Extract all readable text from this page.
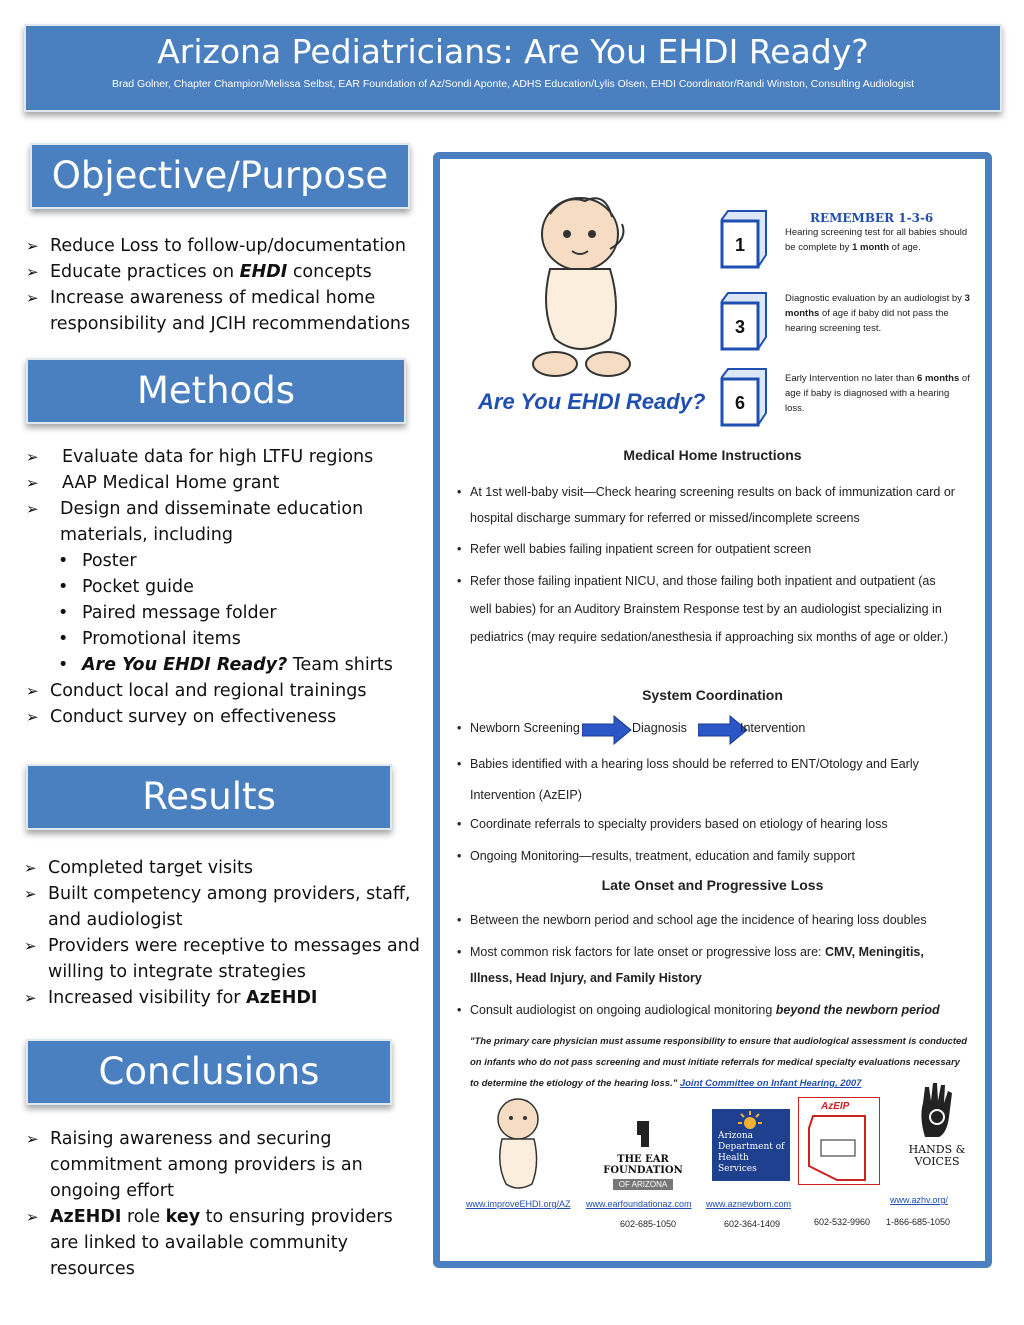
Arizona Pediatricians: Are You EHDI Ready?
Brad Golner, Chapter Champion/Melissa Selbst, EAR Foundation of Az/Sondi Aponte, ADHS Education/Lylis Olsen, EHDI Coordinator/Randi Winston, Consulting Audiologist
Objective/Purpose
➢ Reduce Loss to follow-up/documentation
➢ Educate practices on EHDI concepts
➢ Increase awareness of medical home responsibility and JCIH recommendations
Methods
➢ Evaluate data for high LTFU regions
➢ AAP Medical Home grant
➢ Design and disseminate education materials, including
• Poster
• Pocket guide
• Paired message folder
• Promotional items
• Are You EHDI Ready? Team shirts
➢ Conduct local and regional trainings
➢ Conduct survey on effectiveness
Results
➢ Completed target visits
➢ Built competency among providers, staff, and audiologist
➢ Providers were receptive to messages and willing to integrate strategies
➢ Increased visibility for AzEHDI
Conclusions
➢ Raising awareness and securing commitment among providers is an ongoing effort
➢ AzEHDI role key to ensuring providers are linked to available community resources
Are You EHDI Ready?
REMEMBER 1-3-6
1
Hearing screening test for all babies should be complete by 1 month of age.
3
Diagnostic evaluation by an audiologist by 3 months of age if baby did not pass the hearing screening test.
6
Early Intervention no later than 6 months of age if baby is diagnosed with a hearing loss.
Medical Home Instructions
• At 1st well-baby visit—Check hearing screening results on back of immunization card or hospital discharge summary for referred or missed/incomplete screens
• Refer well babies failing inpatient screen for outpatient screen
• Refer those failing inpatient NICU, and those failing both inpatient and outpatient (as well babies) for an Auditory Brainstem Response test by an audiologist specializing in pediatrics (may require sedation/anesthesia if approaching six months of age or older.)
System Coordination
• Newborn Screening	Diagnosis	Intervention
• Babies identified with a hearing loss should be referred to ENT/Otology and Early Intervention (AzEIP)
• Coordinate referrals to specialty providers based on etiology of hearing loss
• Ongoing Monitoring—results, treatment, education and family support
Late Onset and Progressive Loss
• Between the newborn period and school age the incidence of hearing loss doubles
• Most common risk factors for late onset or progressive loss are: CMV, Meningitis, Illness, Head Injury, and Family History
• Consult audiologist on ongoing audiological monitoring beyond the newborn period
"The primary care physician must assume responsibility to ensure that audiological assessment is conducted on infants who do not pass screening and must initiate referrals for medical specialty evaluations necessary to determine the etiology of the hearing loss." Joint Committee on Infant Hearing, 2007
THE EAR FOUNDATION
OF ARIZONA
Arizona Department of Health Services
AzEIP
HANDS & VOICES
www.improveEHDI.org/AZ www.earfoundationaz.com www.aznewborn.com	www.azhv.org/
602-685-1050	602-364-1409	602-532-9960 1-866-685-1050
